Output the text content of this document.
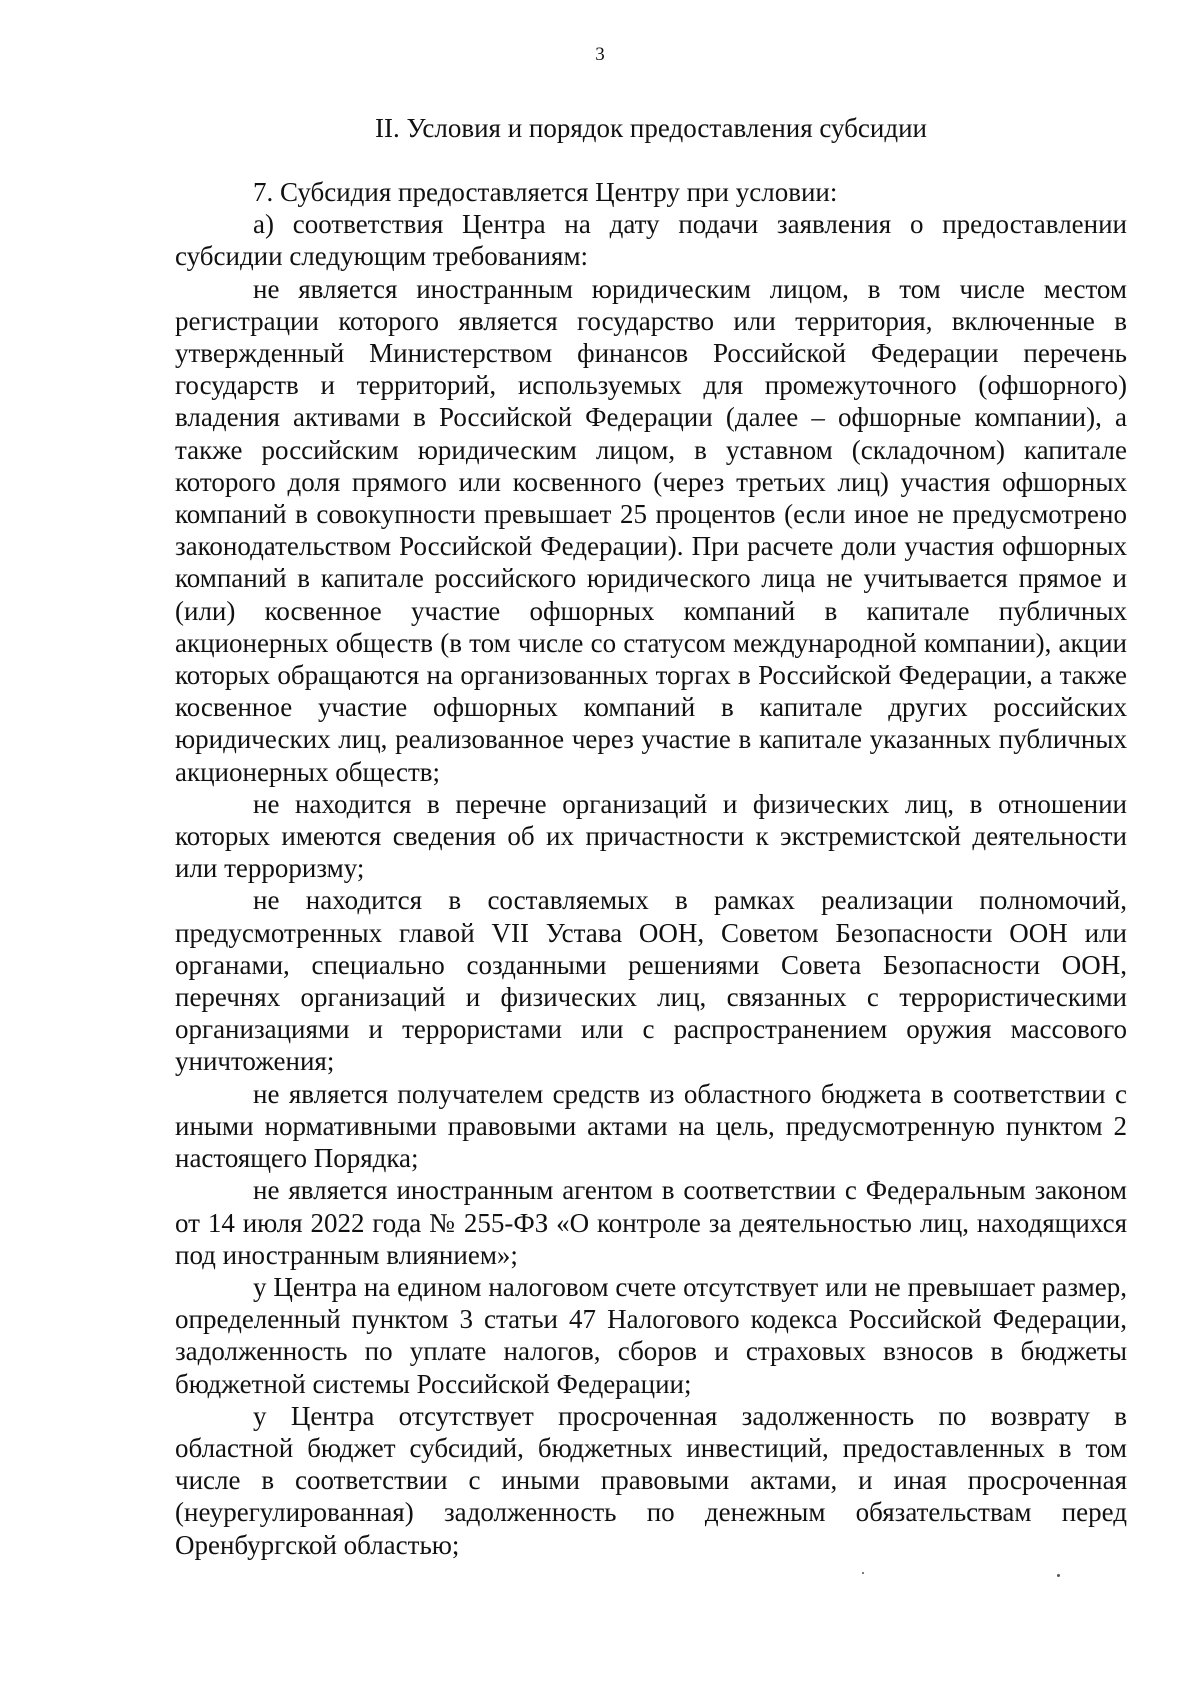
3
II. Условия и порядок предоставления субсидии

7. Субсидия предоставляется Центру при условии:

а) соответствия Центра на дату подачи заявления о предоставлении субсидии следующим требованиям:

не является иностранным юридическим лицом, в том числе местом регистрации которого является государство или территория, включенные в утвержденный Министерством финансов Российской Федерации перечень государств и территорий, используемых для промежуточного (офшорного) владения активами в Российской Федерации (далее – офшорные компании), а также российским юридическим лицом, в уставном (складочном) капитале которого доля прямого или косвенного (через третьих лиц) участия офшорных компаний в совокупности превышает 25 процентов (если иное не предусмотрено законодательством Российской Федерации). При расчете доли участия офшорных компаний в капитале российского юридического лица не учитывается прямое и (или) косвенное участие офшорных компаний в капитале публичных акционерных обществ (в том числе со статусом международной компании), акции которых обращаются на организованных торгах в Российской Федерации, а также косвенное участие офшорных компаний в капитале других российских юридических лиц, реализованное через участие в капитале указанных публичных акционерных обществ;

не находится в перечне организаций и физических лиц, в отношении которых имеются сведения об их причастности к экстремистской деятельности или терроризму;

не находится в составляемых в рамках реализации полномочий, предусмотренных главой VII Устава ООН, Советом Безопасности ООН или органами, специально созданными решениями Совета Безопасности ООН, перечнях организаций и физических лиц, связанных с террористическими организациями и террористами или с распространением оружия массового уничтожения;

не является получателем средств из областного бюджета в соответствии с иными нормативными правовыми актами на цель, предусмотренную пунктом 2 настоящего Порядка;

не является иностранным агентом в соответствии с Федеральным законом от 14 июля 2022 года № 255-ФЗ «О контроле за деятельностью лиц, находящихся под иностранным влиянием»;

у Центра на едином налоговом счете отсутствует или не превышает размер, определенный пунктом 3 статьи 47 Налогового кодекса Российской Федерации, задолженность по уплате налогов, сборов и страховых взносов в бюджеты бюджетной системы Российской Федерации;

у Центра отсутствует просроченная задолженность по возврату в областной бюджет субсидий, бюджетных инвестиций, предоставленных в том числе в соответствии с иными правовыми актами, и иная просроченная (неурегулированная) задолженность по денежным обязательствам перед Оренбургской областью;
